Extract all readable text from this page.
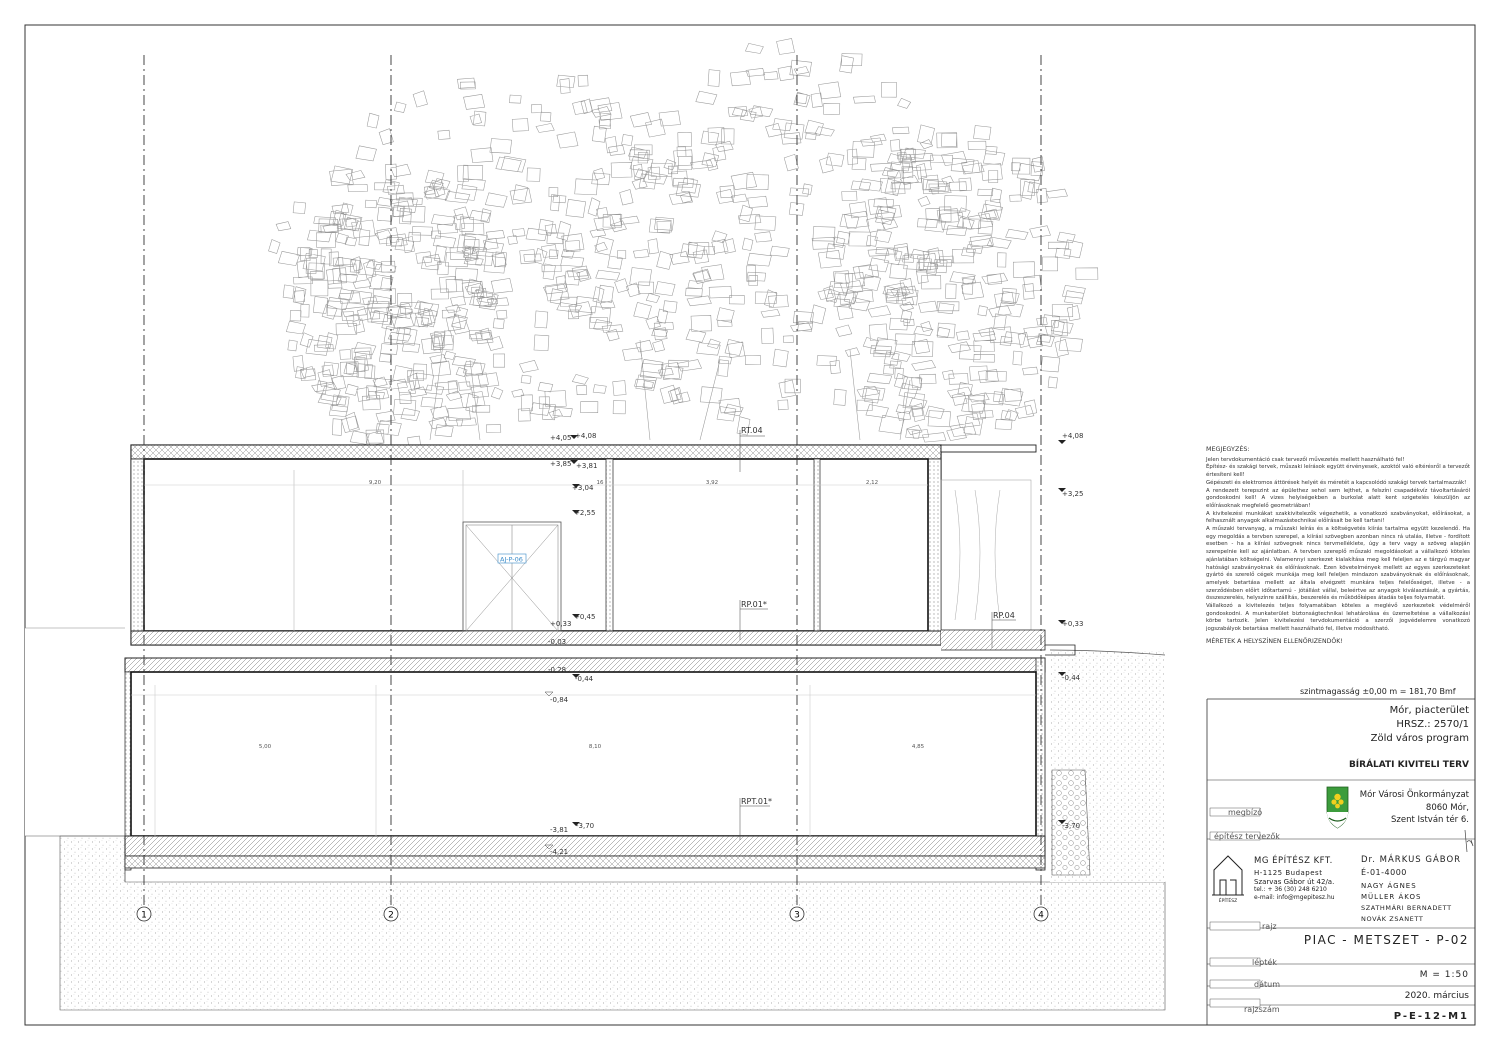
1	2	3	4
+4,05 +4,08	+4,08
+3,85 +3,81
+3,04
+3,25
+2,55
+0,45
+0,33	+0,33
-0,03
-0,28
-0,44	-0,44
-0,84
-3,81 -3,70	-3,70
-4,21
RT.04
RP.01*
RP.04
RPT.01*
AJ-P-06
9,20	16	3,92	2,12
5,00	8,10	4,85
ÉPÍTÉSZ
MEGJEGYZÉS:

Jelen tervdokumentáció csak tervezői művezetés mellett használható fel!

Építész- és szakági tervek, műszaki leírások együtt érvényesek, azoktól való eltérésről a tervezőt értesíteni kell!

Gépészeti és elektromos áttörések helyét és méretét a kapcsolódó szakági tervek tartalmazzák!

A rendezett terepszint az épülethez sehol sem lejthet, a felszíni csapadékvíz távoltartásáról gondoskodni kell! A vizes helyiségekben a burkolat alatt kent szigetelés készüljön az előírásoknak megfelelő geometriában!

A kivitelezési munkákat szakkivitelezők végezhetik, a vonatkozó szabványokat, előírásokat, a felhasznált anyagok alkalmazástechnikai előírásait be kell tartani!

A műszaki tervanyag, a műszaki leírás és a költségvetés kiírás tartalma együtt kezelendő. Ha egy megoldás a tervben szerepel, a kiírási szövegben azonban nincs rá utalás, illetve - fordított esetben - ha a kiírási szövegnek nincs tervmelléklete, úgy a terv vagy a szöveg alapján szerepelnie kell az ajánlatban. A tervben szereplő műszaki megoldásokat a vállalkozó köteles ajánlatában költségelni. Valamennyi szerkezet kialakítása meg kell feleljen az e tárgyú magyar hatósági szabványoknak és előírásoknak. Ezen követelmények mellett az egyes szerkezeteket gyártó és szerelő cégek munkája meg kell feleljen mindazon szabványoknak és előírásoknak, amelyek betartása mellett az általa elvégzett munkára teljes felelősséget, illetve - a szerződésben előírt időtartamú - jótállást vállal, beleértve az anyagok kiválasztását, a gyártás, összeszerelés, helyszínre szállítás, beszerelés és működőképes átadás teljes folyamatát.

Vállalkozó a kivitelezés teljes folyamatában köteles a meglévő szerkezetek védelméről gondoskodni. A munkaterület biztonságtechnikai lehatárolása és üzemeltetése a vállalkozási körbe tartozik. Jelen kivitelezési tervdokumentáció a szerzői jogvédelemre vonatkozó jogszabályok betartása mellett használható fel, illetve módosítható.

MÉRETEK A HELYSZÍNEN ELLENŐRIZENDŐK!
szintmagasság ±0,00 m = 181,70 Bmf
Mór, piacterület
HRSZ.: 2570/1
Zöld város program
BÍRÁLATI KIVITELI TERV
megbízó
Mór Városi Önkormányzat
8060 Mór,
Szent István tér 6.
építész tervezők
MG ÉPÍTÉSZ KFT.
H-1125 Budapest
Szarvas Gábor út 42/a.
tel.: + 36 (30) 248 6210
e-mail: info@mgepitesz.hu
Dr. MÁRKUS GÁBOR
É-01-4000
NAGY ÁGNES
MÜLLER ÁKOS
SZATHMÁRI BERNADETT
NOVÁK ZSANETT
rajz
PIAC - METSZET - P-02
lépték
M = 1:50
dátum
2020. március
rajzszám
P-E-12-M1
